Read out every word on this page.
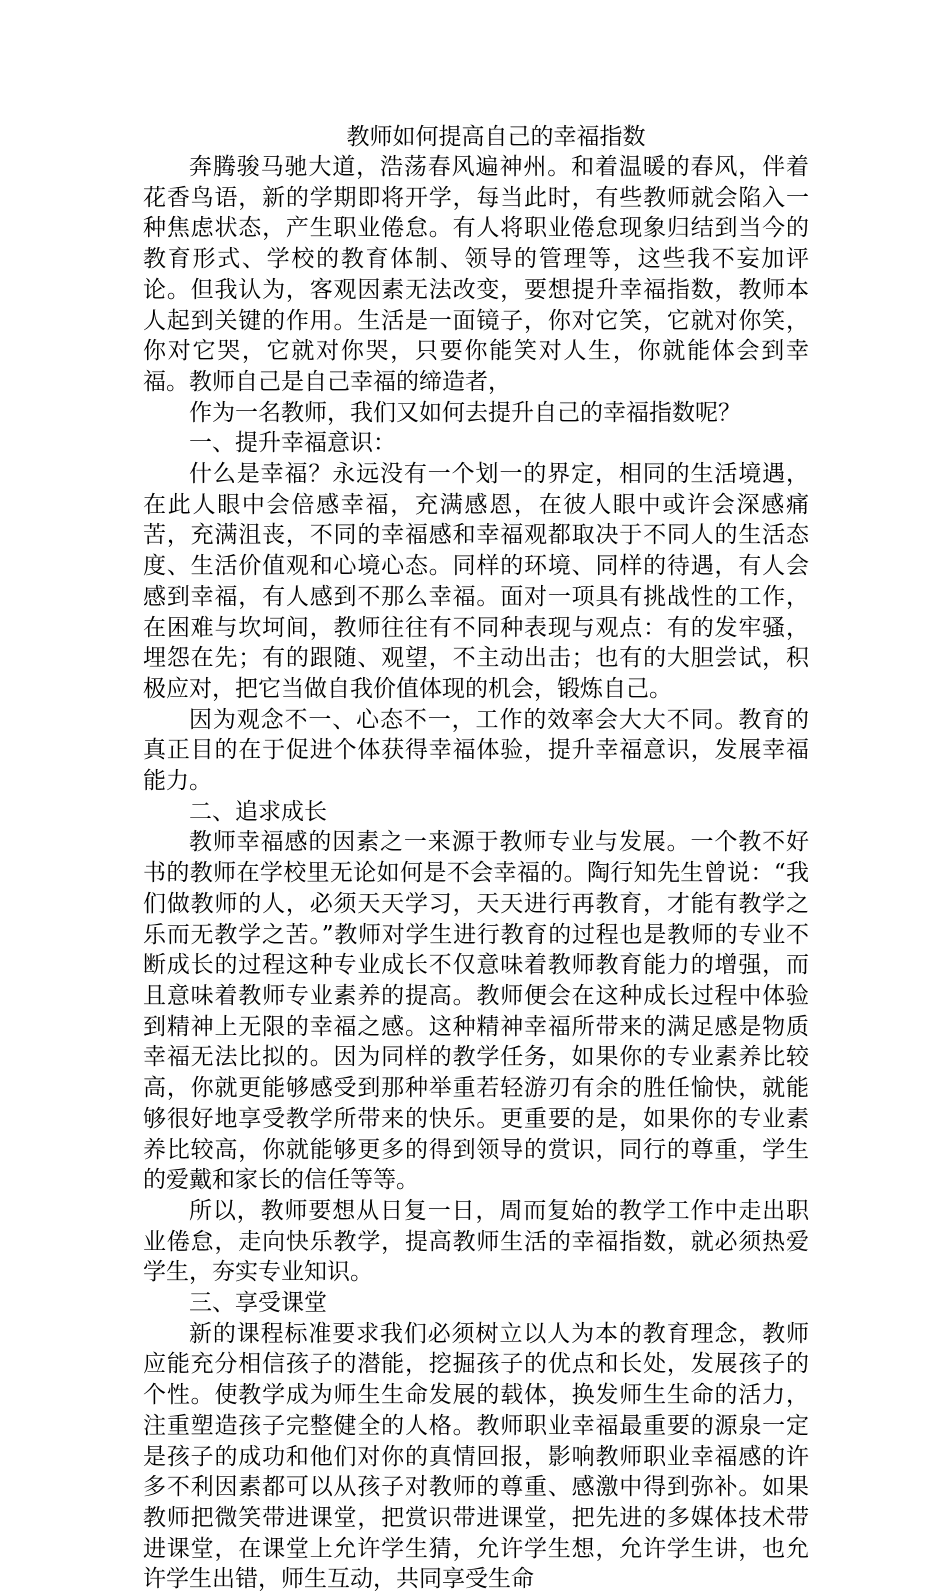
教师如何提高自己的幸福指数

奔腾骏马驰大道，浩荡春风遍神州。和着温暖的春风，伴着花香鸟语，新的学期即将开学，每当此时，有些教师就会陷入一种焦虑状态，产生职业倦怠。有人将职业倦怠现象归结到当今的教育形式、学校的教育体制、领导的管理等，这些我不妄加评论。但我认为，客观因素无法改变，要想提升幸福指数，教师本人起到关键的作用。生活是一面镜子，你对它笑，它就对你笑，你对它哭，它就对你哭，只要你能笑对人生，你就能体会到幸福。教师自己是自己幸福的缔造者，

作为一名教师，我们又如何去提升自己的幸福指数呢？

一、提升幸福意识：

什么是幸福？永远没有一个划一的界定，相同的生活境遇，在此人眼中会倍感幸福，充满感恩，在彼人眼中或许会深感痛苦，充满沮丧，不同的幸福感和幸福观都取决于不同人的生活态度、生活价值观和心境心态。同样的环境、同样的待遇，有人会感到幸福，有人感到不那么幸福。面对一项具有挑战性的工作，在困难与坎坷间，教师往往有不同种表现与观点：有的发牢骚，埋怨在先；有的跟随、观望，不主动出击；也有的大胆尝试，积极应对，把它当做自我价值体现的机会，锻炼自己。

因为观念不一、心态不一，工作的效率会大大不同。教育的真正目的在于促进个体获得幸福体验，提升幸福意识，发展幸福能力。

二、追求成长

教师幸福感的因素之一来源于教师专业与发展。一个教不好书的教师在学校里无论如何是不会幸福的。陶行知先生曾说：“我们做教师的人，必须天天学习，天天进行再教育，才能有教学之乐而无教学之苦。”教师对学生进行教育的过程也是教师的专业不断成长的过程这种专业成长不仅意味着教师教育能力的增强，而且意味着教师专业素养的提高。教师便会在这种成长过程中体验到精神上无限的幸福之感。这种精神幸福所带来的满足感是物质幸福无法比拟的。因为同样的教学任务，如果你的专业素养比较高，你就更能够感受到那种举重若轻游刃有余的胜任愉快，就能够很好地享受教学所带来的快乐。更重要的是，如果你的专业素养比较高，你就能够更多的得到领导的赏识，同行的尊重，学生的爱戴和家长的信任等等。

所以，教师要想从日复一日，周而复始的教学工作中走出职业倦怠，走向快乐教学，提高教师生活的幸福指数，就必须热爱学生，夯实专业知识。

三、享受课堂

新的课程标准要求我们必须树立以人为本的教育理念，教师应能充分相信孩子的潜能，挖掘孩子的优点和长处，发展孩子的个性。使教学成为师生生命发展的载体，换发师生生命的活力，注重塑造孩子完整健全的人格。教师职业幸福最重要的源泉一定是孩子的成功和他们对你的真情回报，影响教师职业幸福感的许多不利因素都可以从孩子对教师的尊重、感激中得到弥补。如果教师把微笑带进课堂，把赏识带进课堂，把先进的多媒体技术带进课堂，在课堂上允许学生猜，允许学生想，允许学生讲，也允许学生出错，师生互动，共同享受生命
